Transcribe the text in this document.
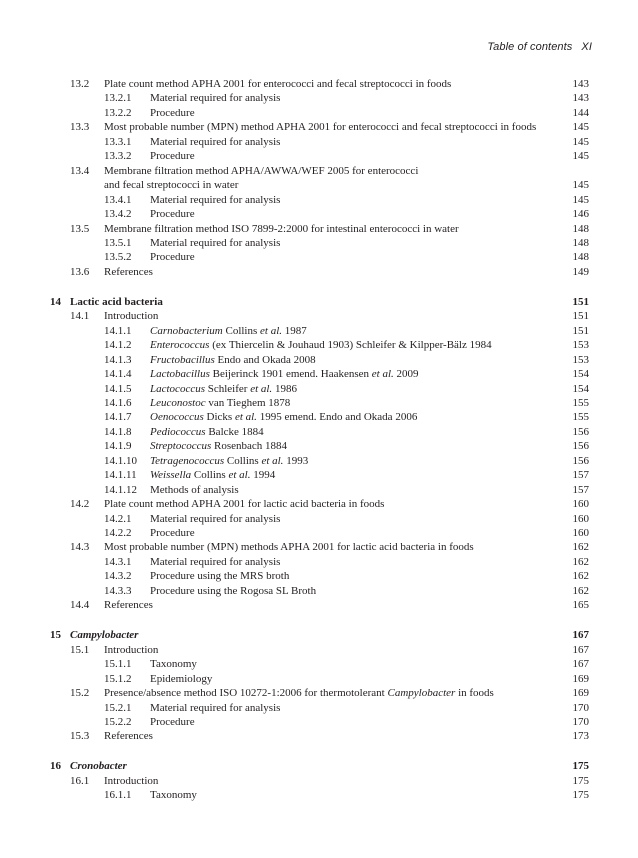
Table of contents XI
13.2 Plate count method APHA 2001 for enterococci and fecal streptococci in foods	143
13.2.1 Material required for analysis	143
13.2.2 Procedure	144
13.3 Most probable number (MPN) method APHA 2001 for enterococci and fecal streptococci in foods	145
13.3.1 Material required for analysis	145
13.3.2 Procedure	145
13.4 Membrane filtration method APHA/AWWA/WEF 2005 for enterococci
and fecal streptococci in water	145
13.4.1 Material required for analysis	145
13.4.2 Procedure	146
13.5 Membrane filtration method ISO 7899-2:2000 for intestinal enterococci in water	148
13.5.1 Material required for analysis	148
13.5.2 Procedure	148
13.6 References	149
14 Lactic acid bacteria	151
14.1 Introduction	151
14.1.1 Carnobacterium Collins et al. 1987	151
14.1.2 Enterococcus (ex Thiercelin & Jouhaud 1903) Schleifer & Kilpper-Bälz 1984	153
14.1.3 Fructobacillus Endo and Okada 2008	153
14.1.4 Lactobacillus Beijerinck 1901 emend. Haakensen et al. 2009	154
14.1.5 Lactococcus Schleifer et al. 1986	154
14.1.6 Leuconostoc van Tieghem 1878	155
14.1.7 Oenococcus Dicks et al. 1995 emend. Endo and Okada 2006	155
14.1.8 Pediococcus Balcke 1884	156
14.1.9 Streptococcus Rosenbach 1884	156
14.1.10 Tetragenococcus Collins et al. 1993	156
14.1.11 Weissella Collins et al. 1994	157
14.1.12 Methods of analysis	157
14.2 Plate count method APHA 2001 for lactic acid bacteria in foods	160
14.2.1 Material required for analysis	160
14.2.2 Procedure	160
14.3 Most probable number (MPN) methods APHA 2001 for lactic acid bacteria in foods	162
14.3.1 Material required for analysis	162
14.3.2 Procedure using the MRS broth	162
14.3.3 Procedure using the Rogosa SL Broth	162
14.4 References	165
15 Campylobacter	167
15.1 Introduction	167
15.1.1 Taxonomy	167
15.1.2 Epidemiology	169
15.2 Presence/absence method ISO 10272-1:2006 for thermotolerant Campylobacter in foods	169
15.2.1 Material required for analysis	170
15.2.2 Procedure	170
15.3 References	173
16 Cronobacter	175
16.1 Introduction	175
16.1.1 Taxonomy	175
